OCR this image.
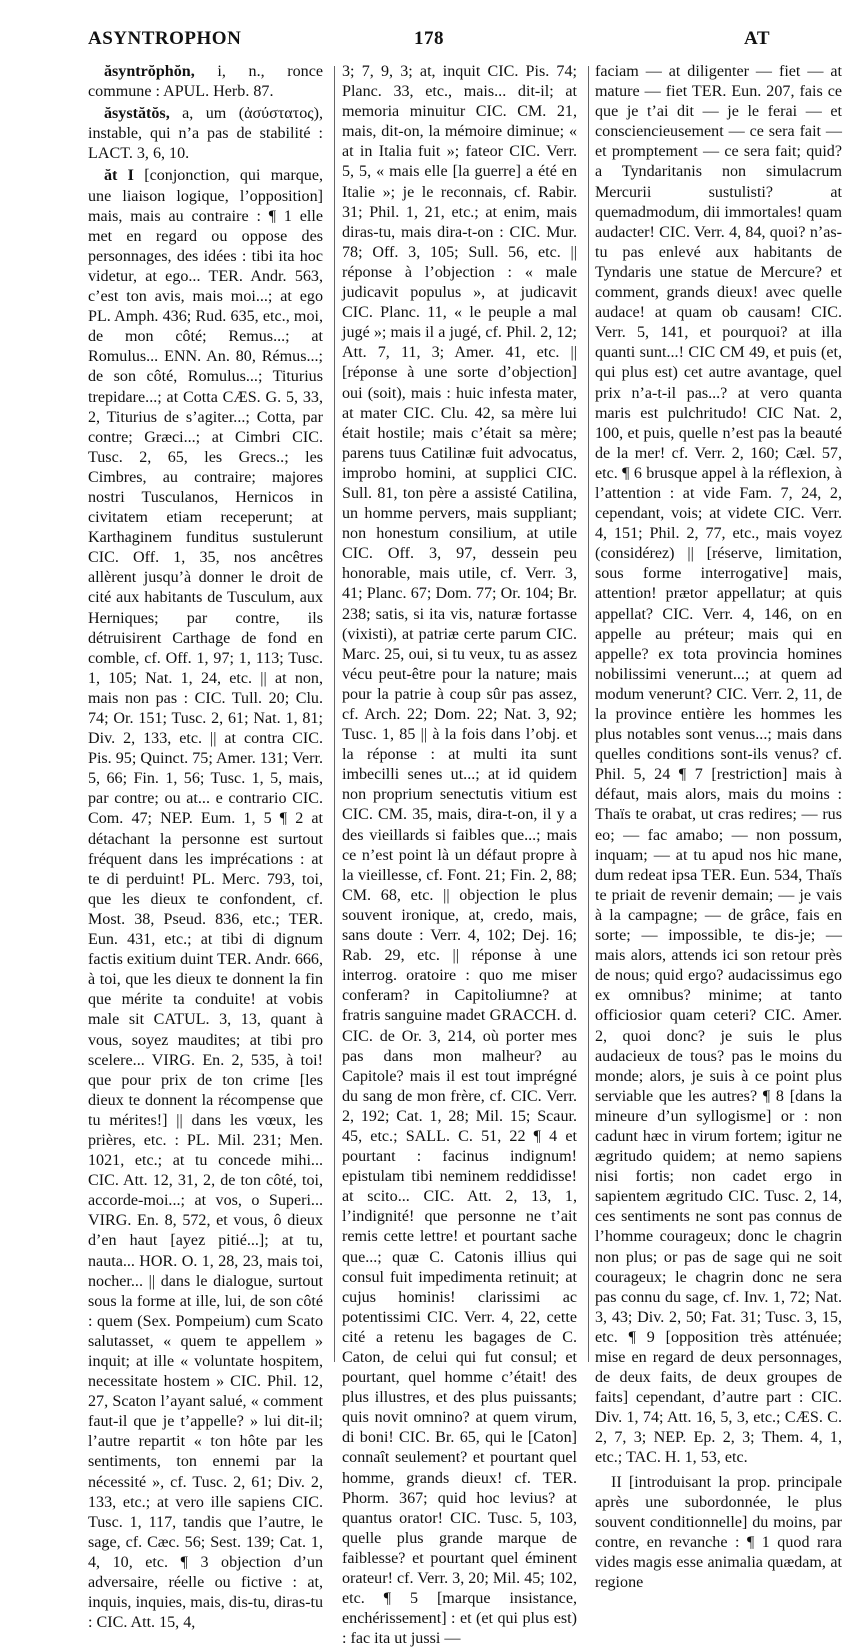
ASYNTROPHON	178	AT

ăsyntrŏphŏn, i, n., ronce commune : APUL. Herb. 87.

ăsystătŏs, a, um (ἀσύστατος), instable, qui n’a pas de stabilité : LACT. 3, 6, 10.

ăt I [conjonction, qui marque, une liaison logique, l’opposition] mais, mais au contraire : ¶ 1 elle met en regard ou oppose des personnages, des idées : tibi ita hoc videtur, at ego... TER. Andr. 563, c’est ton avis, mais moi...; at ego PL. Amph. 436; Rud. 635, etc., moi, de mon côté; Remus...; at Romulus... ENN. An. 80, Rémus...; de son côté, Romulus...; Titurius trepidare...; at Cotta CÆS. G. 5, 33, 2, Titurius de s’agiter...; Cotta, par contre; Græci...; at Cimbri CIC. Tusc. 2, 65, les Grecs..; les Cimbres, au contraire; majores nostri Tusculanos, Hernicos in civitatem etiam receperunt; at Karthaginem funditus sustulerunt CIC. Off. 1, 35, nos ancêtres allèrent jusqu’à donner le droit de cité aux habitants de Tusculum, aux Herniques; par contre, ils détruisirent Carthage de fond en comble, cf. Off. 1, 97; 1, 113; Tusc. 1, 105; Nat. 1, 24, etc. || at non, mais non pas : CIC. Tull. 20; Clu. 74; Or. 151; Tusc. 2, 61; Nat. 1, 81; Div. 2, 133, etc. || at contra CIC. Pis. 95; Quinct. 75; Amer. 131; Verr. 5, 66; Fin. 1, 56; Tusc. 1, 5, mais, par contre; ou at... e contrario CIC. Com. 47; NEP. Eum. 1, 5 ¶ 2 at détachant la personne est surtout fréquent dans les imprécations : at te di perduint! PL. Merc. 793, toi, que les dieux te confondent, cf. Most. 38, Pseud. 836, etc.; TER. Eun. 431, etc.; at tibi di dignum factis exitium duint TER. Andr. 666, à toi, que les dieux te donnent la fin que mérite ta conduite! at vobis male sit CATUL. 3, 13, quant à vous, soyez maudites; at tibi pro scelere... VIRG. En. 2, 535, à toi! que pour prix de ton crime [les dieux te donnent la récompense que tu mérites!] || dans les vœux, les prières, etc. : PL. Mil. 231; Men. 1021, etc.; at tu concede mihi... CIC. Att. 12, 31, 2, de ton côté, toi, accorde-moi...; at vos, o Superi... VIRG. En. 8, 572, et vous, ô dieux d’en haut [ayez pitié...]; at tu, nauta... HOR. O. 1, 28, 23, mais toi, nocher... || dans le dialogue, surtout sous la forme at ille, lui, de son côté : quem (Sex. Pompeium) cum Scato salutasset, « quem te appellem » inquit; at ille « voluntate hospitem, necessitate hostem » CIC. Phil. 12, 27, Scaton l’ayant salué, « comment faut-il que je t’appelle? » lui dit-il; l’autre repartit « ton hôte par les sentiments, ton ennemi par la nécessité », cf. Tusc. 2, 61; Div. 2, 133, etc.; at vero ille sapiens CIC. Tusc. 1, 117, tandis que l’autre, le sage, cf. Cæc. 56; Sest. 139; Cat. 1, 4, 10, etc. ¶ 3 objection d’un adversaire, réelle ou fictive : at, inquis, inquies, mais, dis-tu, diras-tu : CIC. Att. 15, 4,

3; 7, 9, 3; at, inquit CIC. Pis. 74; Planc. 33, etc., mais... dit-il; at memoria minuitur CIC. CM. 21, mais, dit-on, la mémoire diminue; « at in Italia fuit »; fateor CIC. Verr. 5, 5, « mais elle [la guerre] a été en Italie »; je le reconnais, cf. Rabir. 31; Phil. 1, 21, etc.; at enim, mais diras-tu, mais dira-t-on : CIC. Mur. 78; Off. 3, 105; Sull. 56, etc. || réponse à l’objection : « male judicavit populus », at judicavit CIC. Planc. 11, « le peuple a mal jugé »; mais il a jugé, cf. Phil. 2, 12; Att. 7, 11, 3; Amer. 41, etc. || [réponse à une sorte d’objection] oui (soit), mais : huic infesta mater, at mater CIC. Clu. 42, sa mère lui était hostile; mais c’était sa mère; parens tuus Catilinæ fuit advocatus, improbo homini, at supplici CIC. Sull. 81, ton père a assisté Catilina, un homme pervers, mais suppliant; non honestum consilium, at utile CIC. Off. 3, 97, dessein peu honorable, mais utile, cf. Verr. 3, 41; Planc. 67; Dom. 77; Or. 104; Br. 238; satis, si ita vis, naturæ fortasse (vixisti), at patriæ certe parum CIC. Marc. 25, oui, si tu veux, tu as assez vécu peut-être pour la nature; mais pour la patrie à coup sûr pas assez, cf. Arch. 22; Dom. 22; Nat. 3, 92; Tusc. 1, 85 || à la fois dans l’obj. et la réponse : at multi ita sunt imbecilli senes ut...; at id quidem non proprium senectutis vitium est CIC. CM. 35, mais, dira-t-on, il y a des vieillards si faibles que...; mais ce n’est point là un défaut propre à la vieillesse, cf. Font. 21; Fin. 2, 88; CM. 68, etc. || objection le plus souvent ironique, at, credo, mais, sans doute : Verr. 4, 102; Dej. 16; Rab. 29, etc. || réponse à une interrog. oratoire : quo me miser conferam? in Capitoliumne? at fratris sanguine madet GRACCH. d. CIC. de Or. 3, 214, où porter mes pas dans mon malheur? au Capitole? mais il est tout imprégné du sang de mon frère, cf. CIC. Verr. 2, 192; Cat. 1, 28; Mil. 15; Scaur. 45, etc.; SALL. C. 51, 22 ¶ 4 et pourtant : facinus indignum! epistulam tibi neminem reddidisse! at scito... CIC. Att. 2, 13, 1, l’indignité! que personne ne t’ait remis cette lettre! et pourtant sache que...; quæ C. Catonis illius qui consul fuit impedimenta retinuit; at cujus hominis! clarissimi ac potentissimi CIC. Verr. 4, 22, cette cité a retenu les bagages de C. Caton, de celui qui fut consul; et pourtant, quel homme c’était! des plus illustres, et des plus puissants; quis novit omnino? at quem virum, di boni! CIC. Br. 65, qui le [Caton] connaît seulement? et pourtant quel homme, grands dieux! cf. TER. Phorm. 367; quid hoc levius? at quantus orator! CIC. Tusc. 5, 103, quelle plus grande marque de faiblesse? et pourtant quel éminent orateur! cf. Verr. 3, 20; Mil. 45; 102, etc. ¶ 5 [marque insistance, enchérissement] : et (et qui plus est) : fac ita ut jussi —

faciam — at diligenter — fiet — at mature — fiet TER. Eun. 207, fais ce que je t’ai dit — je le ferai — et consciencieusement — ce sera fait — et promptement — ce sera fait; quid? a Tyndaritanis non simulacrum Mercurii sustulisti? at quemadmodum, dii immortales! quam audacter! CIC. Verr. 4, 84, quoi? n’as-tu pas enlevé aux habitants de Tyndaris une statue de Mercure? et comment, grands dieux! avec quelle audace! at quam ob causam! CIC. Verr. 5, 141, et pourquoi? at illa quanti sunt...! CIC CM 49, et puis (et, qui plus est) cet autre avantage, quel prix n’a-t-il pas...? at vero quanta maris est pulchritudo! CIC Nat. 2, 100, et puis, quelle n’est pas la beauté de la mer! cf. Verr. 2, 160; Cæl. 57, etc. ¶ 6 brusque appel à la réflexion, à l’attention : at vide Fam. 7, 24, 2, cependant, vois; at videte CIC. Verr. 4, 151; Phil. 2, 77, etc., mais voyez (considérez) || [réserve, limitation, sous forme interrogative] mais, attention! prætor appellatur; at quis appellat? CIC. Verr. 4, 146, on en appelle au préteur; mais qui en appelle? ex tota provincia homines nobilissimi venerunt...; at quem ad modum venerunt? CIC. Verr. 2, 11, de la province entière les hommes les plus notables sont venus...; mais dans quelles conditions sont-ils venus? cf. Phil. 5, 24 ¶ 7 [restriction] mais à défaut, mais alors, mais du moins : Thaïs te orabat, ut cras redires; — rus eo; — fac amabo; — non possum, inquam; — at tu apud nos hic mane, dum redeat ipsa TER. Eun. 534, Thaïs te priait de revenir demain; — je vais à la campagne; — de grâce, fais en sorte; — impossible, te dis-je; — mais alors, attends ici son retour près de nous; quid ergo? audacissimus ego ex omnibus? minime; at tanto officiosior quam ceteri? CIC. Amer. 2, quoi donc? je suis le plus audacieux de tous? pas le moins du monde; alors, je suis à ce point plus serviable que les autres? ¶ 8 [dans la mineure d’un syllogisme] or : non cadunt hæc in virum fortem; igitur ne ægritudo quidem; at nemo sapiens nisi fortis; non cadet ergo in sapientem ægritudo CIC. Tusc. 2, 14, ces sentiments ne sont pas connus de l’homme courageux; donc le chagrin non plus; or pas de sage qui ne soit courageux; le chagrin donc ne sera pas connu du sage, cf. Inv. 1, 72; Nat. 3, 43; Div. 2, 50; Fat. 31; Tusc. 3, 15, etc. ¶ 9 [opposition très atténuée; mise en regard de deux personnages, de deux faits, de deux groupes de faits] cependant, d’autre part : CIC. Div. 1, 74; Att. 16, 5, 3, etc.; CÆS. C. 2, 7, 3; NEP. Ep. 2, 3; Them. 4, 1, etc.; TAC. H. 1, 53, etc.

II [introduisant la prop. principale après une subordonnée, le plus souvent conditionnelle] du moins, par contre, en revanche : ¶ 1 quod rara vides magis esse animalia quædam, at regione
